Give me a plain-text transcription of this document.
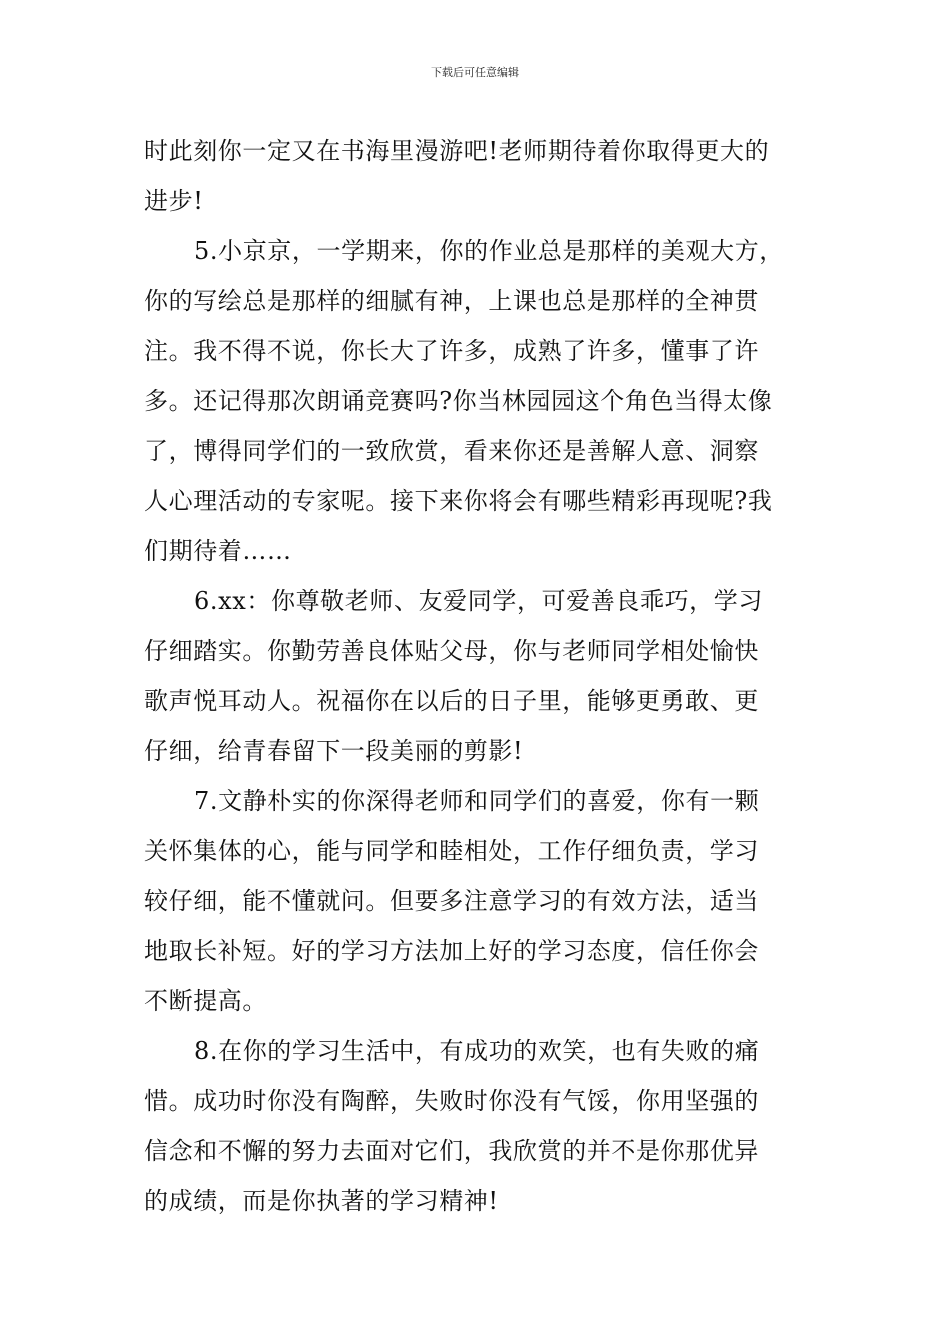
下载后可任意编辑
时此刻你一定又在书海里漫游吧!老师期待着你取得更大的
进步!
5.小京京，一学期来，你的作业总是那样的美观大方，
你的写绘总是那样的细腻有神，上课也总是那样的全神贯
注。我不得不说，你长大了许多，成熟了许多，懂事了许
多。还记得那次朗诵竞赛吗?你当林园园这个角色当得太像
了，博得同学们的一致欣赏，看来你还是善解人意、洞察
人心理活动的专家呢。接下来你将会有哪些精彩再现呢?我
们期待着……
6.xx：你尊敬老师、友爱同学，可爱善良乖巧，学习
仔细踏实。你勤劳善良体贴父母，你与老师同学相处愉快
歌声悦耳动人。祝福你在以后的日子里，能够更勇敢、更
仔细，给青春留下一段美丽的剪影!
7.文静朴实的你深得老师和同学们的喜爱，你有一颗
关怀集体的心，能与同学和睦相处，工作仔细负责，学习
较仔细，能不懂就问。但要多注意学习的有效方法，适当
地取长补短。好的学习方法加上好的学习态度，信任你会
不断提高。
8.在你的学习生活中，有成功的欢笑，也有失败的痛
惜。成功时你没有陶醉，失败时你没有气馁，你用坚强的
信念和不懈的努力去面对它们，我欣赏的并不是你那优异
的成绩，而是你执著的学习精神!
